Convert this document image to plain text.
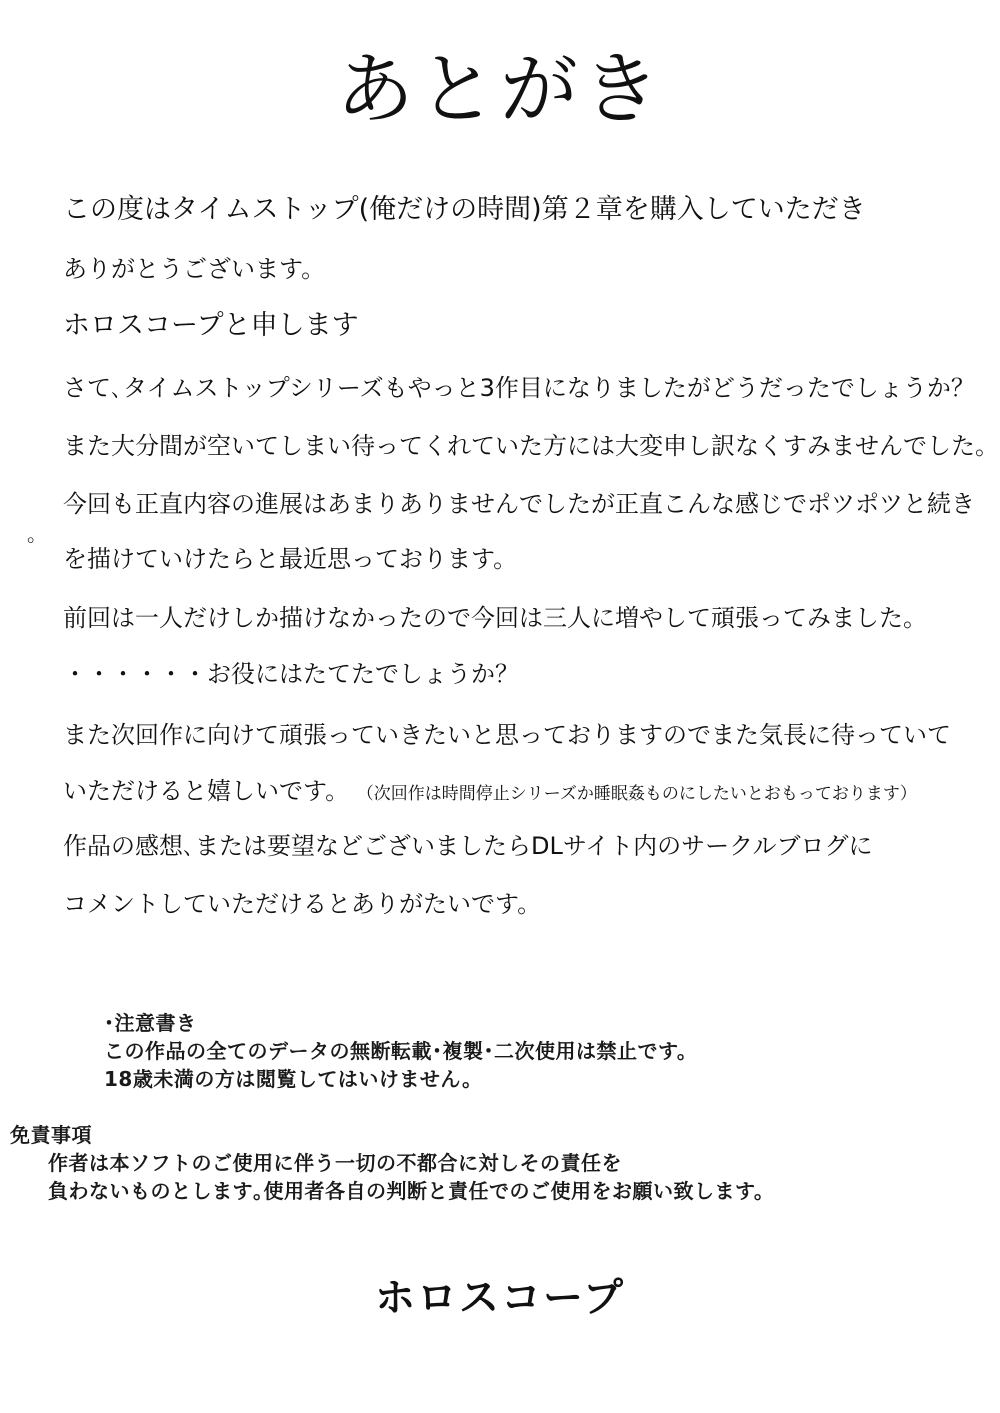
あとがき
この度はタイムストップ(俺だけの時間)第２章を購入していただき
ありがとうございます。
ホロスコープと申します
さて､タイムストップシリーズもやっと3作目になりましたがどうだったでしょうか？
また大分間が空いてしまい待ってくれていた方には大変申し訳なくすみませんでした。
今回も正直内容の進展はあまりありませんでしたが正直こんな感じでポツポツと続き
。
を描けていけたらと最近思っております。
前回は一人だけしか描けなかったので今回は三人に増やして頑張ってみました。
・・・・・・お役にはたてたでしょうか？
また次回作に向けて頑張っていきたいと思っておりますのでまた気長に待っていて
いただけると嬉しいです。 （次回作は時間停止シリーズか睡眠姦ものにしたいとおもっております）
作品の感想､または要望などございましたらDLサイト内のサークルブログに
コメントしていただけるとありがたいです。
･注意書き
この作品の全てのデータの無断転載･複製･二次使用は禁止です。
18歳未満の方は閲覧してはいけません。
免責事項
作者は本ソフトのご使用に伴う一切の不都合に対しその責任を
負わないものとします｡使用者各自の判断と責任でのご使用をお願い致します。
ホロスコープ
